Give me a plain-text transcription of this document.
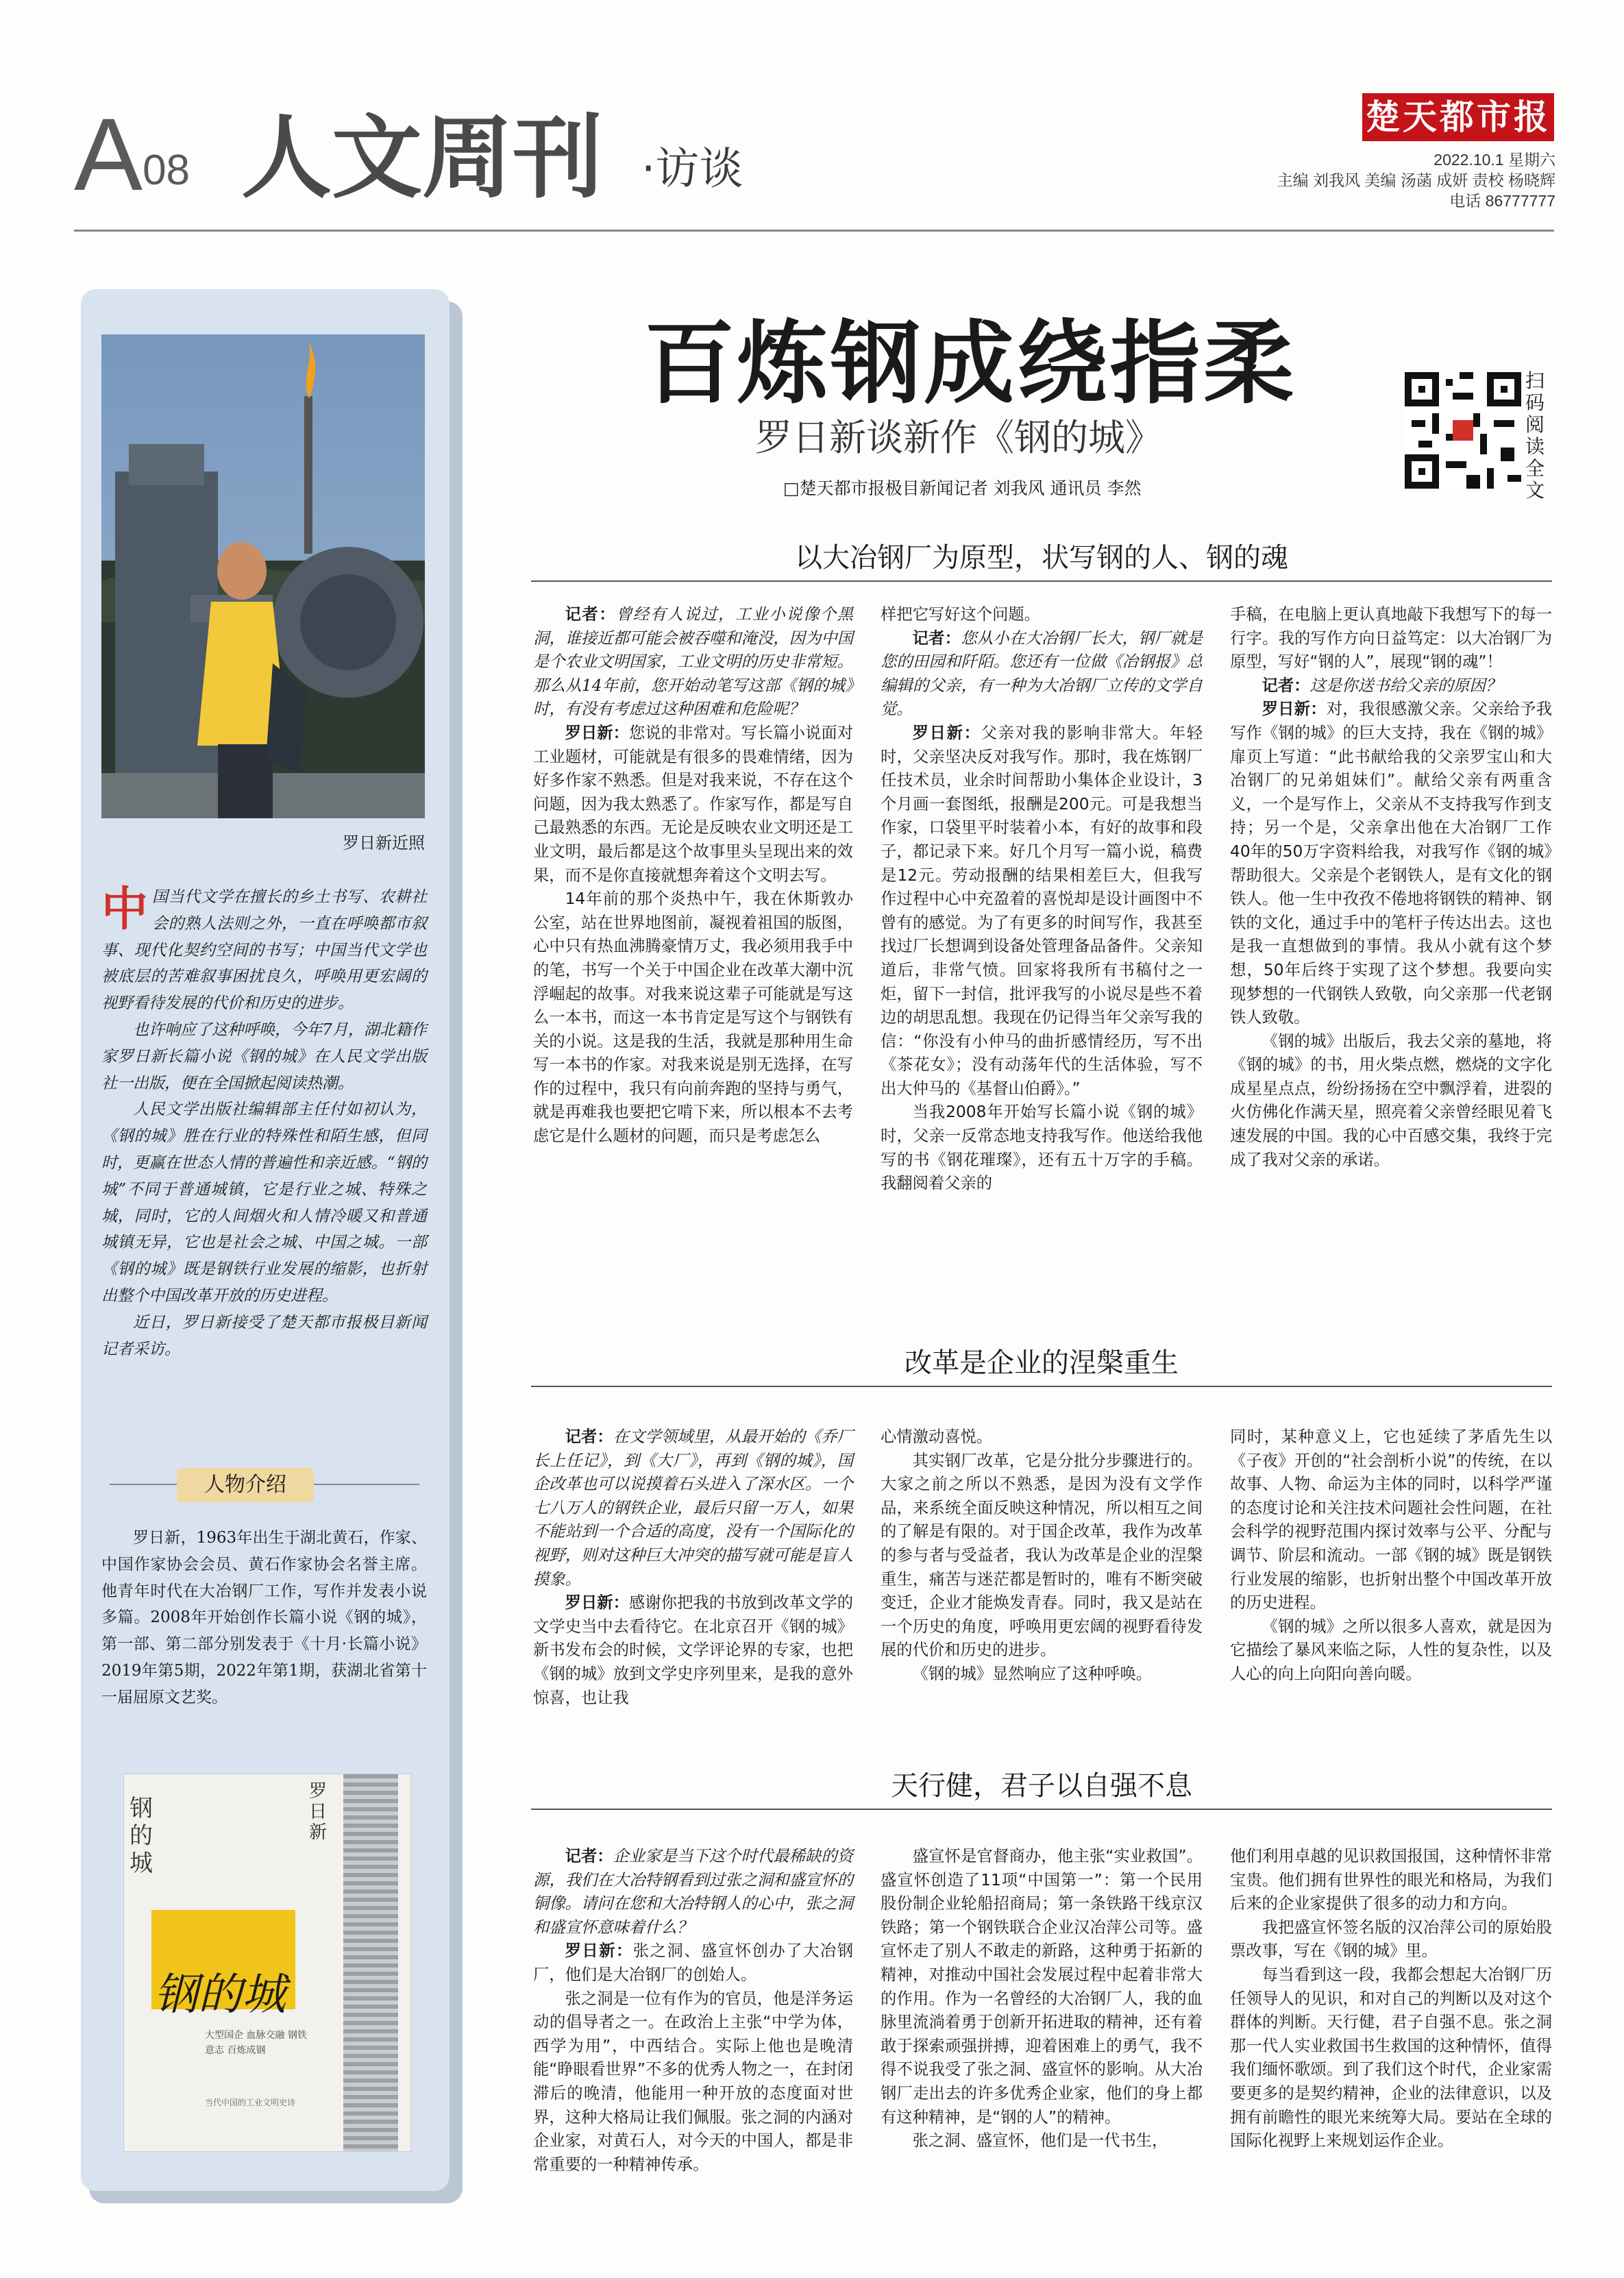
A08 人文周刊 ·访谈
楚天都市报
2022.10.1 星期六
主编 刘我风 美编 汤菡 成妍 责校 杨晓辉
电话 86777777
罗日新近照

中国当代文学在擅长的乡土书写、农耕社会的熟人法则之外，一直在呼唤都市叙事、现代化契约空间的书写；中国当代文学也被底层的苦难叙事困扰良久，呼唤用更宏阔的视野看待发展的代价和历史的进步。

也许响应了这种呼唤，今年7月，湖北籍作家罗日新长篇小说《钢的城》在人民文学出版社一出版，便在全国掀起阅读热潮。

人民文学出版社编辑部主任付如初认为，《钢的城》胜在行业的特殊性和陌生感，但同时，更赢在世态人情的普遍性和亲近感。“钢的城”不同于普通城镇，它是行业之城、特殊之城，同时，它的人间烟火和人情冷暖又和普通城镇无异，它也是社会之城、中国之城。一部《钢的城》既是钢铁行业发展的缩影，也折射出整个中国改革开放的历史进程。

近日，罗日新接受了楚天都市报极目新闻记者采访。

人物介绍

罗日新，1963年出生于湖北黄石，作家、中国作家协会会员、黄石作家协会名誉主席。他青年时代在大冶钢厂工作，写作并发表小说多篇。2008年开始创作长篇小说《钢的城》，第一部、第二部分别发表于《十月·长篇小说》2019年第5期，2022年第1期，获湖北省第十一届屈原文艺奖。

钢的城
罗日新
钢的城
大型国企 血脉交融 钢铁意志 百炼成钢
当代中国的工业文明史诗
百炼钢成绕指柔
罗日新谈新作《钢的城》
□楚天都市报极目新闻记者 刘我风 通讯员 李然
扫码阅读全文
以大冶钢厂为原型，状写钢的人、钢的魂

记者：曾经有人说过，工业小说像个黑洞，谁接近都可能会被吞噬和淹没，因为中国是个农业文明国家，工业文明的历史非常短。那么从14年前，您开始动笔写这部《钢的城》时，有没有考虑过这种困难和危险呢？

罗日新：您说的非常对。写长篇小说面对工业题材，可能就是有很多的畏难情绪，因为好多作家不熟悉。但是对我来说，不存在这个问题，因为我太熟悉了。作家写作，都是写自己最熟悉的东西。无论是反映农业文明还是工业文明，最后都是这个故事里头呈现出来的效果，而不是你直接就想奔着这个文明去写。

14年前的那个炎热中午，我在休斯敦办公室，站在世界地图前，凝视着祖国的版图，心中只有热血沸腾豪情万丈，我必须用我手中的笔，书写一个关于中国企业在改革大潮中沉浮崛起的故事。对我来说这辈子可能就是写这么一本书，而这一本书肯定是写这个与钢铁有关的小说。这是我的生活，我就是那种用生命写一本书的作家。对我来说是别无选择，在写作的过程中，我只有向前奔跑的坚持与勇气，就是再难我也要把它啃下来，所以根本不去考虑它是什么题材的问题，而只是考虑怎么

样把它写好这个问题。

记者：您从小在大冶钢厂长大，钢厂就是您的田园和阡陌。您还有一位做《冶钢报》总编辑的父亲，有一种为大冶钢厂立传的文学自觉。

罗日新：父亲对我的影响非常大。年轻时，父亲坚决反对我写作。那时，我在炼钢厂任技术员，业余时间帮助小集体企业设计，3个月画一套图纸，报酬是200元。可是我想当作家，口袋里平时装着小本，有好的故事和段子，都记录下来。好几个月写一篇小说，稿费是12元。劳动报酬的结果相差巨大，但我写作过程中心中充盈着的喜悦却是设计画图中不曾有的感觉。为了有更多的时间写作，我甚至找过厂长想调到设备处管理备品备件。父亲知道后，非常气愤。回家将我所有书稿付之一炬，留下一封信，批评我写的小说尽是些不着边的胡思乱想。我现在仍记得当年父亲写我的信：“你没有小仲马的曲折感情经历，写不出《茶花女》；没有动荡年代的生活体验，写不出大仲马的《基督山伯爵》。”

当我2008年开始写长篇小说《钢的城》时，父亲一反常态地支持我写作。他送给我他写的书《钢花璀璨》，还有五十万字的手稿。我翻阅着父亲的

手稿，在电脑上更认真地敲下我想写下的每一行字。我的写作方向日益笃定：以大冶钢厂为原型，写好“钢的人”，展现“钢的魂”！

记者：这是你送书给父亲的原因？

罗日新：对，我很感激父亲。父亲给予我写作《钢的城》的巨大支持，我在《钢的城》扉页上写道：“此书献给我的父亲罗宝山和大冶钢厂的兄弟姐妹们”。献给父亲有两重含义，一个是写作上，父亲从不支持我写作到支持；另一个是，父亲拿出他在大冶钢厂工作40年的50万字资料给我，对我写作《钢的城》帮助很大。父亲是个老钢铁人，是有文化的钢铁人。他一生中孜孜不倦地将钢铁的精神、钢铁的文化，通过手中的笔杆子传达出去。这也是我一直想做到的事情。我从小就有这个梦想，50年后终于实现了这个梦想。我要向实现梦想的一代钢铁人致敬，向父亲那一代老钢铁人致敬。

《钢的城》出版后，我去父亲的墓地，将《钢的城》的书，用火柴点燃，燃烧的文字化成星星点点，纷纷扬扬在空中飘浮着，进裂的火仿佛化作满天星，照亮着父亲曾经眼见着飞速发展的中国。我的心中百感交集，我终于完成了我对父亲的承诺。

改革是企业的涅槃重生

记者：在文学领域里，从最开始的《乔厂长上任记》，到《大厂》，再到《钢的城》，国企改革也可以说摸着石头进入了深水区。一个七八万人的钢铁企业，最后只留一万人，如果不能站到一个合适的高度，没有一个国际化的视野，则对这种巨大冲突的描写就可能是盲人摸象。

罗日新：感谢你把我的书放到改革文学的文学史当中去看待它。在北京召开《钢的城》新书发布会的时候，文学评论界的专家，也把《钢的城》放到文学史序列里来，是我的意外惊喜，也让我

心情激动喜悦。

其实钢厂改革，它是分批分步骤进行的。大家之前之所以不熟悉，是因为没有文学作品，来系统全面反映这种情况，所以相互之间的了解是有限的。对于国企改革，我作为改革的参与者与受益者，我认为改革是企业的涅槃重生，痛苦与迷茫都是暂时的，唯有不断突破变迁，企业才能焕发青春。同时，我又是站在一个历史的角度，呼唤用更宏阔的视野看待发展的代价和历史的进步。

《钢的城》显然响应了这种呼唤。

同时，某种意义上，它也延续了茅盾先生以《子夜》开创的“社会剖析小说”的传统，在以故事、人物、命运为主体的同时，以科学严谨的态度讨论和关注技术问题社会性问题，在社会科学的视野范围内探讨效率与公平、分配与调节、阶层和流动。一部《钢的城》既是钢铁行业发展的缩影，也折射出整个中国改革开放的历史进程。

《钢的城》之所以很多人喜欢，就是因为它描绘了暴风来临之际，人性的复杂性，以及人心的向上向阳向善向暖。

天行健，君子以自强不息

记者：企业家是当下这个时代最稀缺的资源，我们在大冶特钢看到过张之洞和盛宣怀的铜像。请问在您和大冶特钢人的心中，张之洞和盛宣怀意味着什么？

罗日新：张之洞、盛宣怀创办了大冶钢厂，他们是大冶钢厂的创始人。

张之洞是一位有作为的官员，他是洋务运动的倡导者之一。在政治上主张“中学为体，西学为用”，中西结合。实际上他也是晚清能“睁眼看世界”不多的优秀人物之一，在封闭滞后的晚清，他能用一种开放的态度面对世界，这种大格局让我们佩服。张之洞的内涵对企业家，对黄石人，对今天的中国人，都是非常重要的一种精神传承。

盛宣怀是官督商办，他主张“实业救国”。盛宣怀创造了11项“中国第一”：第一个民用股份制企业轮船招商局；第一条铁路干线京汉铁路；第一个钢铁联合企业汉冶萍公司等。盛宣怀走了别人不敢走的新路，这种勇于拓新的精神，对推动中国社会发展过程中起着非常大的作用。作为一名曾经的大冶钢厂人，我的血脉里流淌着勇于创新开拓进取的精神，还有着敢于探索顽强拼搏，迎着困难上的勇气，我不得不说我受了张之洞、盛宣怀的影响。从大冶钢厂走出去的许多优秀企业家，他们的身上都有这种精神，是“钢的人”的精神。

张之洞、盛宣怀，他们是一代书生，

他们利用卓越的见识救国报国，这种情怀非常宝贵。他们拥有世界性的眼光和格局，为我们后来的企业家提供了很多的动力和方向。

我把盛宣怀签名版的汉冶萍公司的原始股票改事，写在《钢的城》里。

每当看到这一段，我都会想起大冶钢厂历任领导人的见识，和对自己的判断以及对这个群体的判断。天行健，君子自强不息。张之洞那一代人实业救国书生救国的这种情怀，值得我们缅怀歌颂。到了我们这个时代，企业家需要更多的是契约精神，企业的法律意识，以及拥有前瞻性的眼光来统筹大局。要站在全球的国际化视野上来规划运作企业。
